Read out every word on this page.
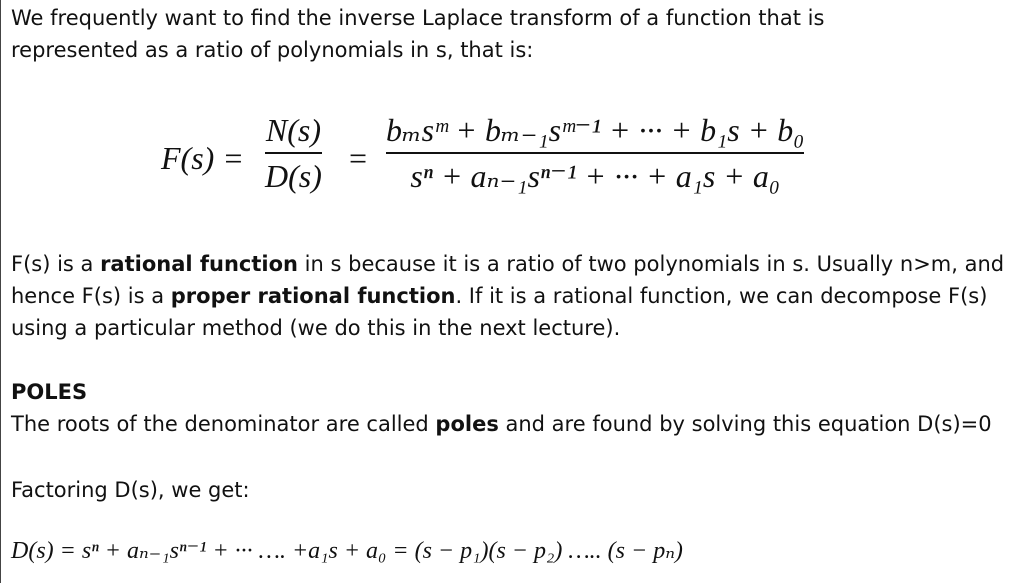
We frequently want to find the inverse Laplace transform of a function that is
represented as a ratio of polynomials in s, that is:

F(s) =
N(s)
D(s) =
bₘsᵐ + bₘ₋₁sᵐ⁻¹ + ··· + b₁s + b₀
sⁿ + aₙ₋₁sⁿ⁻¹ + ··· + a₁s + a₀

F(s) is a rational function in s because it is a ratio of two polynomials in s. Usually n>m, and
hence F(s) is a proper rational function. If it is a rational function, we can decompose F(s)
using a particular method (we do this in the next lecture).

POLES
The roots of the denominator are called poles and are found by solving this equation D(s)=0

Factoring D(s), we get:

D(s) = sⁿ + aₙ₋₁sⁿ⁻¹ + ··· …. +a₁s + a₀ = (s − p₁)(s − p₂) ….. (s − pₙ)
